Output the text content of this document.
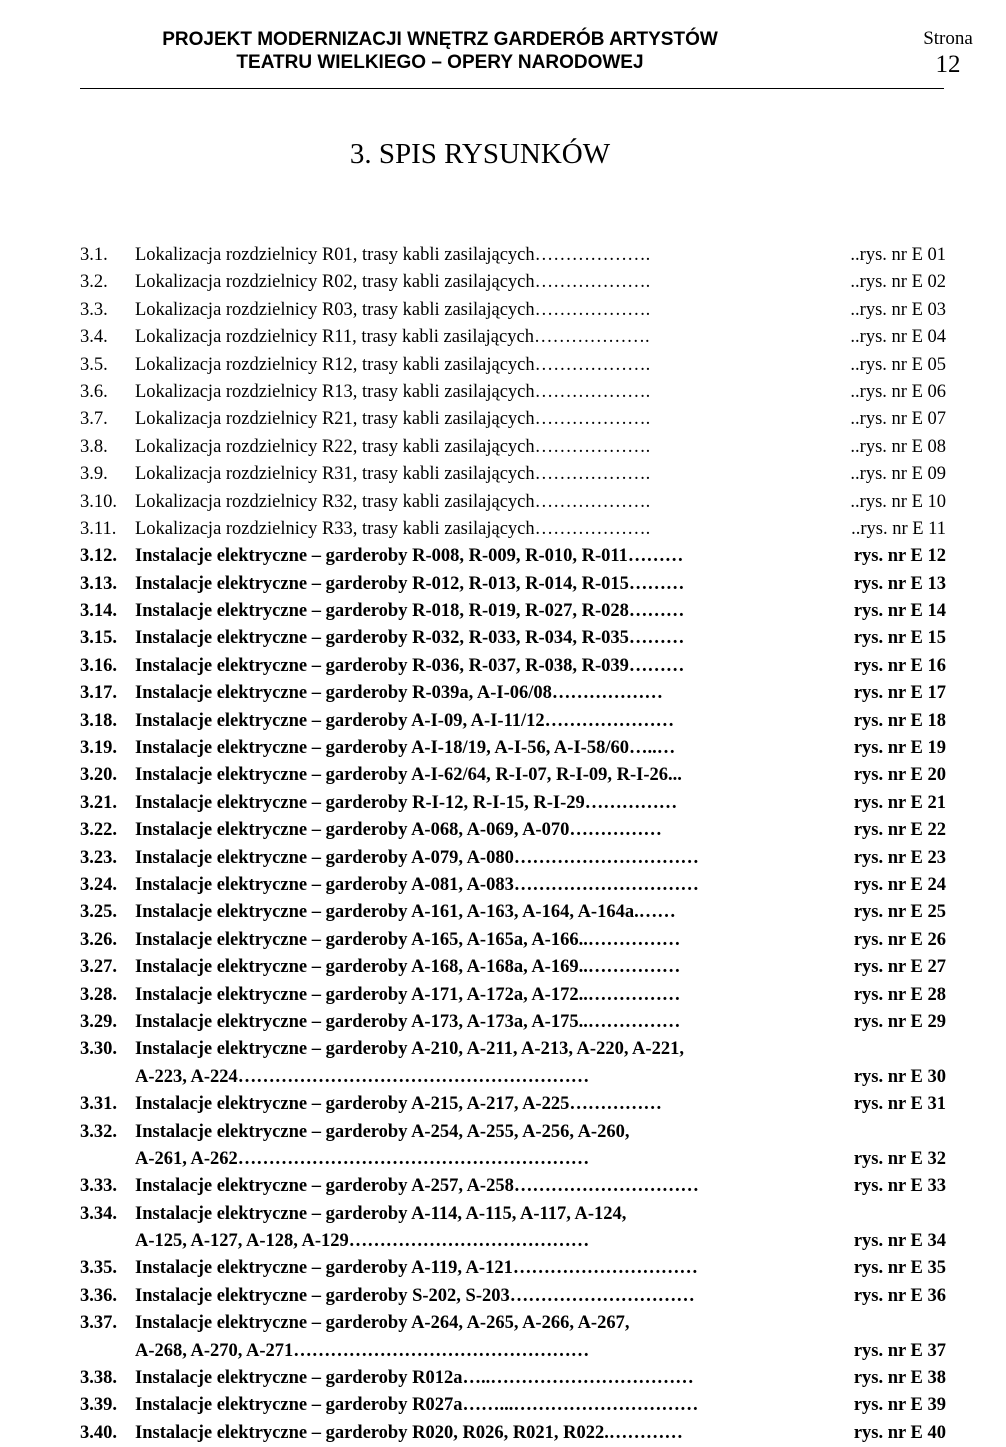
PROJEKT MODERNIZACJI WNĘTRZ GARDERÓB ARTYSTÓW
TEATRU WIELKIEGO – OPERY NARODOWEJ
Strona
12
3. SPIS RYSUNKÓW
3.1. Lokalizacja rozdzielnicy R01, trasy kabli zasilających……………….	..rys. nr E 01
3.2. Lokalizacja rozdzielnicy R02, trasy kabli zasilających……………….	..rys. nr E 02
3.3. Lokalizacja rozdzielnicy R03, trasy kabli zasilających……………….	..rys. nr E 03
3.4. Lokalizacja rozdzielnicy R11, trasy kabli zasilających……………….	..rys. nr E 04
3.5. Lokalizacja rozdzielnicy R12, trasy kabli zasilających……………….	..rys. nr E 05
3.6. Lokalizacja rozdzielnicy R13, trasy kabli zasilających……………….	..rys. nr E 06
3.7. Lokalizacja rozdzielnicy R21, trasy kabli zasilających……………….	..rys. nr E 07
3.8. Lokalizacja rozdzielnicy R22, trasy kabli zasilających……………….	..rys. nr E 08
3.9. Lokalizacja rozdzielnicy R31, trasy kabli zasilających……………….	..rys. nr E 09
3.10. Lokalizacja rozdzielnicy R32, trasy kabli zasilających……………….	..rys. nr E 10
3.11. Lokalizacja rozdzielnicy R33, trasy kabli zasilających……………….	..rys. nr E 11
3.12. Instalacje elektryczne – garderoby R-008, R-009, R-010, R-011………	rys. nr E 12
3.13. Instalacje elektryczne – garderoby R-012, R-013, R-014, R-015………	rys. nr E 13
3.14. Instalacje elektryczne – garderoby R-018, R-019, R-027, R-028………	rys. nr E 14
3.15. Instalacje elektryczne – garderoby R-032, R-033, R-034, R-035………	rys. nr E 15
3.16. Instalacje elektryczne – garderoby R-036, R-037, R-038, R-039………	rys. nr E 16
3.17. Instalacje elektryczne – garderoby R-039a, A-I-06/08………………	rys. nr E 17
3.18. Instalacje elektryczne – garderoby A-I-09, A-I-11/12…………………	rys. nr E 18
3.19. Instalacje elektryczne – garderoby A-I-18/19, A-I-56, A-I-58/60…..…	rys. nr E 19
3.20. Instalacje elektryczne – garderoby A-I-62/64, R-I-07, R-I-09, R-I-26...	rys. nr E 20
3.21. Instalacje elektryczne – garderoby R-I-12, R-I-15, R-I-29……………	rys. nr E 21
3.22. Instalacje elektryczne – garderoby A-068, A-069, A-070……………	rys. nr E 22
3.23. Instalacje elektryczne – garderoby A-079, A-080…………………………	rys. nr E 23
3.24. Instalacje elektryczne – garderoby A-081, A-083…………………………	rys. nr E 24
3.25. Instalacje elektryczne – garderoby A-161, A-163, A-164, A-164a.……	rys. nr E 25
3.26. Instalacje elektryczne – garderoby A-165, A-165a, A-166..……………	rys. nr E 26
3.27. Instalacje elektryczne – garderoby A-168, A-168a, A-169..……………	rys. nr E 27
3.28. Instalacje elektryczne – garderoby A-171, A-172a, A-172..……………	rys. nr E 28
3.29. Instalacje elektryczne – garderoby A-173, A-173a, A-175..……………	rys. nr E 29
3.30. Instalacje elektryczne – garderoby A-210, A-211, A-213, A-220, A-221,
A-223, A-224…………………………………………………	rys. nr E 30
3.31. Instalacje elektryczne – garderoby A-215, A-217, A-225……………	rys. nr E 31
3.32. Instalacje elektryczne – garderoby A-254, A-255, A-256, A-260,
A-261, A-262…………………………………………………	rys. nr E 32
3.33. Instalacje elektryczne – garderoby A-257, A-258…………………………	rys. nr E 33
3.34. Instalacje elektryczne – garderoby A-114, A-115, A-117, A-124,
A-125, A-127, A-128, A-129…………………………………	rys. nr E 34
3.35. Instalacje elektryczne – garderoby A-119, A-121…………………………	rys. nr E 35
3.36. Instalacje elektryczne – garderoby S-202, S-203…………………………	rys. nr E 36
3.37. Instalacje elektryczne – garderoby A-264, A-265, A-266, A-267,
A-268, A-270, A-271…………………………………………	rys. nr E 37
3.38. Instalacje elektryczne – garderoby R012a…..……………………………	rys. nr E 38
3.39. Instalacje elektryczne – garderoby R027a……...…………………………	rys. nr E 39
3.40. Instalacje elektryczne – garderoby R020, R026, R021, R022.…………	rys. nr E 40
